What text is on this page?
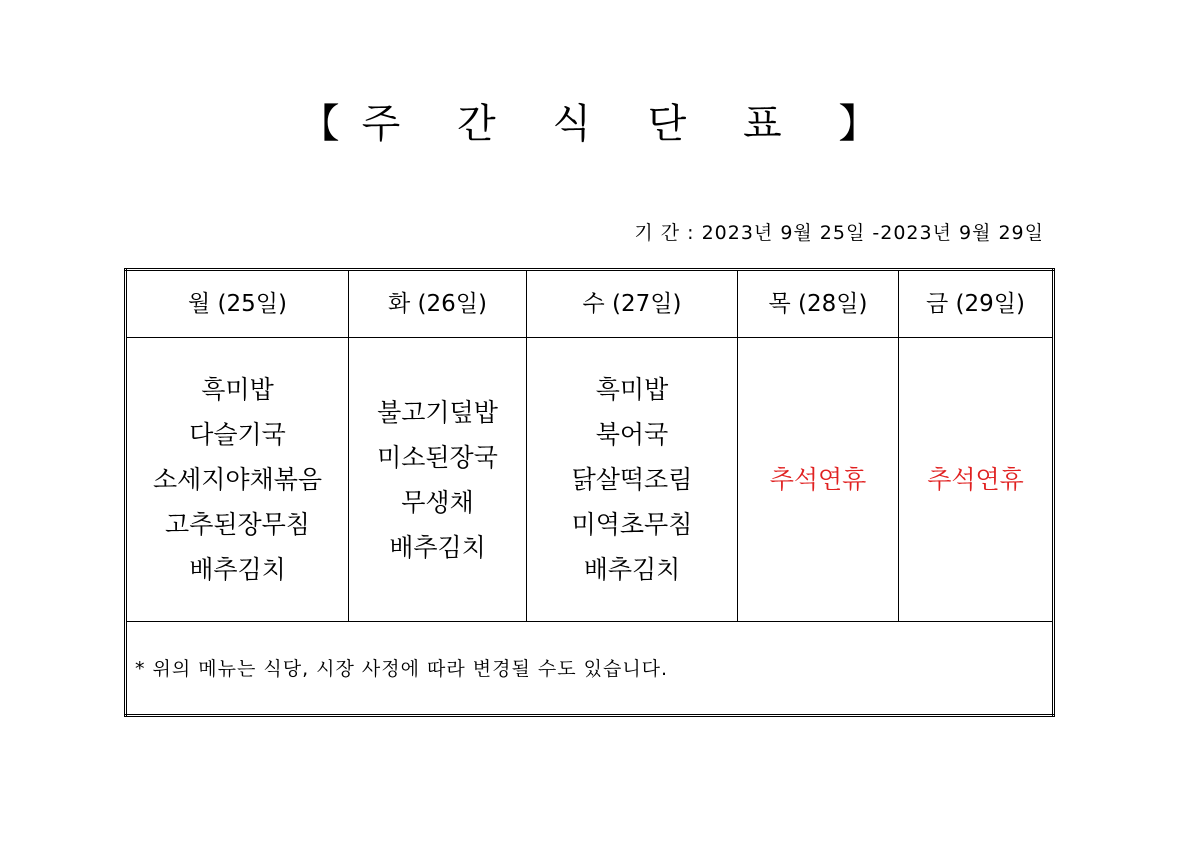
【주 간 식 단 표 】
기 간 : 2023년 9월 25일 -2023년 9월 29일
월 (25일)	화 (26일)	수 (27일)	목 (28일)	금 (29일)

흑미밥
다슬기국
소세지야채볶음
고추된장무침
배추김치	불고기덮밥
미소된장국
무생채
배추김치	흑미밥
북어국
닭살떡조림
미역초무침
배추김치	추석연휴	추석연휴

* 위의 메뉴는 식당, 시장 사정에 따라 변경될 수도 있습니다.				
